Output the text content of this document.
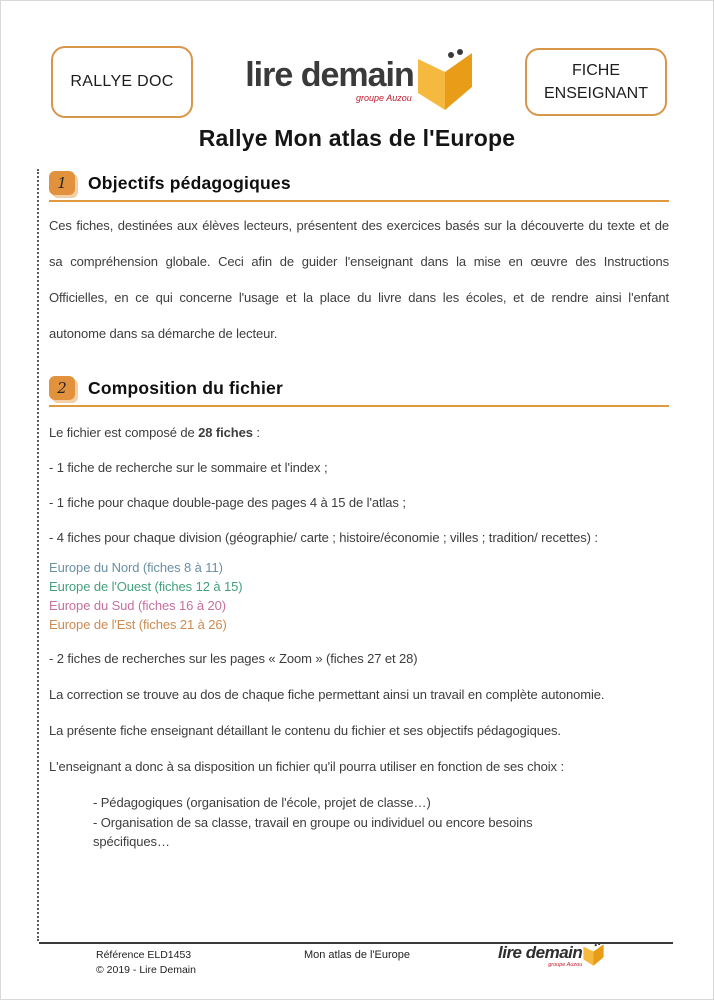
RALLYE DOC lire demain
groupe Auzou
FICHE
ENSEIGNANT
Rallye Mon atlas de l'Europe
1	Objectifs pédagogiques
Ces fiches, destinées aux élèves lecteurs, présentent des exercices basés sur la découverte du texte et de sa compréhension globale. Ceci afin de guider l'enseignant dans la mise en œuvre des Instructions Officielles, en ce qui concerne l'usage et la place du livre dans les écoles, et de rendre ainsi l'enfant autonome dans sa démarche de lecteur.
2	Composition du fichier
Le fichier est composé de 28 fiches :
- 1 fiche de recherche sur le sommaire et l'index ;
- 1 fiche pour chaque double-page des pages 4 à 15 de l'atlas ;
- 4 fiches pour chaque division (géographie/ carte ; histoire/économie ; villes ; tradition/ recettes) :
Europe du Nord (fiches 8 à 11)
Europe de l'Ouest (fiches 12 à 15)
Europe du Sud (fiches 16 à 20)
Europe de l'Est (fiches 21 à 26)
- 2 fiches de recherches sur les pages « Zoom » (fiches 27 et 28)
La correction se trouve au dos de chaque fiche permettant ainsi un travail en complète autonomie.
La présente fiche enseignant détaillant le contenu du fichier et ses objectifs pédagogiques.
L'enseignant a donc à sa disposition un fichier qu'il pourra utiliser en fonction de ses choix :
- Pédagogiques (organisation de l'école, projet de classe…)
- Organisation de sa classe, travail en groupe ou individuel ou encore besoins spécifiques…
Référence ELD1453
© 2019 - Lire Demain
Mon atlas de l'Europe	lire demain
groupe Auzou
